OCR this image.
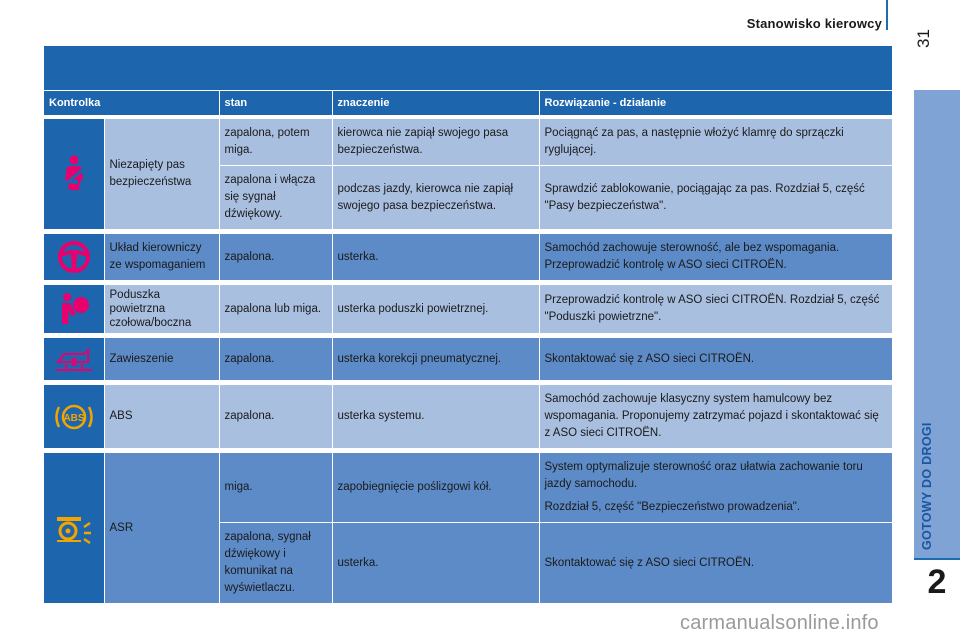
Stanowisko kierowcy
31
GOTOWY DO DROGI
2
Kontrolka		stan	znaczenie	Rozwiązanie - działanie

	Niezapięty pas bezpieczeństwa	zapalona, potem miga.	kierowca nie zapiął swojego pasa bezpieczeństwa.	Pociągnąć za pas, a następnie włożyć klamrę do sprzączki ryglującej.
		zapalona i włącza się sygnał dźwiękowy.	podczas jazdy, kierowca nie zapiął swojego pasa bezpieczeństwa.	Sprawdzić zablokowanie, pociągając za pas. Rozdział 5, część "Pasy bezpieczeństwa".

	Układ kierowniczy ze wspomaganiem	zapalona.	usterka.	Samochód zachowuje sterowność, ale bez wspomagania. Przeprowadzić kontrolę w ASO sieci CITROËN.

	Poduszka powietrzna czołowa/boczna	zapalona lub miga.	usterka poduszki powietrznej.	Przeprowadzić kontrolę w ASO sieci CITROËN. Rozdział 5, część "Poduszki powietrzne".

	Zawieszenie	zapalona.	usterka korekcji pneumatycznej.	Skontaktować się z ASO sieci CITROËN.

ABS	ABS	zapalona.	usterka systemu.	Samochód zachowuje klasyczny system hamulcowy bez wspomagania. Proponujemy zatrzymać pojazd i skontaktować się z ASO sieci CITROËN.

	ASR	miga.	zapobiegnięcie poślizgowi kół.	System optymalizuje sterowność oraz ułatwia zachowanie toru jazdy samochodu.
Rozdział 5, część "Bezpieczeństwo prowadzenia".

		zapalona, sygnał dźwiękowy i komunikat na wyświetlaczu.	usterka.	Skontaktować się z ASO sieci CITROËN.
carmanualsonline.info
